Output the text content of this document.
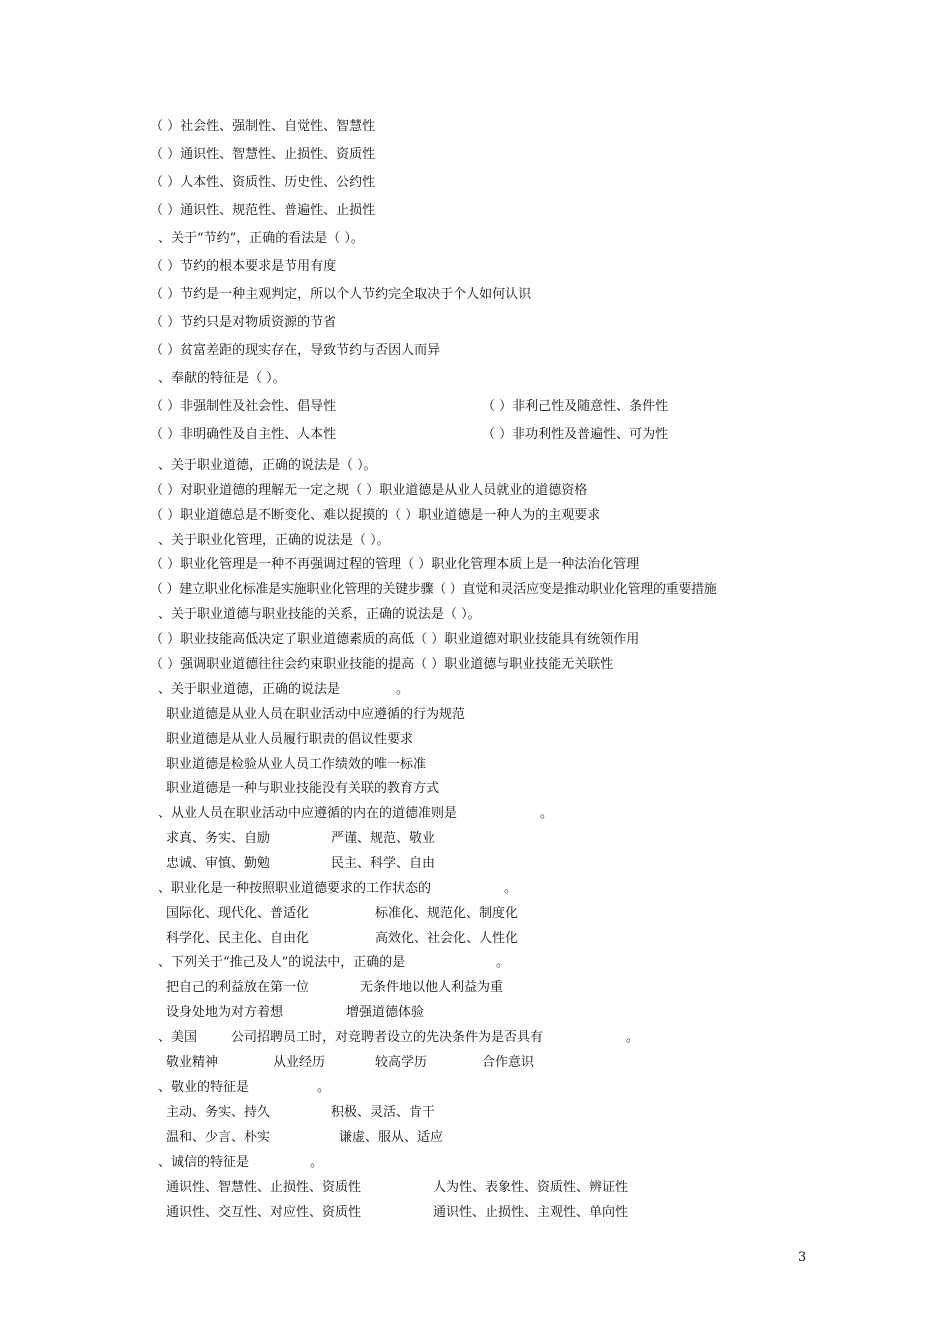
（ ）社会性、强制性、自觉性、智慧性
（ ）通识性、智慧性、止损性、资质性
（ ）人本性、资质性、历史性、公约性
（ ）通识性、规范性、普遍性、止损性
、关于“节约”，正确的看法是（ ）。
（ ）节约的根本要求是节用有度
（ ）节约是一种主观判定，所以个人节约完全取决于个人如何认识
（ ）节约只是对物质资源的节省
（ ）贫富差距的现实存在，导致节约与否因人而异
、奉献的特征是（ ）。
（ ）非强制性及社会性、倡导性	（ ）非利己性及随意性、条件性
（ ）非明确性及自主性、人本性	（ ）非功利性及普遍性、可为性
、关于职业道德，正确的说法是（ ）。
（ ）对职业道德的理解无一定之规（ ）职业道德是从业人员就业的道德资格
（ ）职业道德总是不断变化、难以捉摸的（ ）职业道德是一种人为的主观要求
、关于职业化管理，正确的说法是（ ）。
（ ）职业化管理是一种不再强调过程的管理（ ）职业化管理本质上是一种法治化管理
（ ）建立职业化标准是实施职业化管理的关键步骤（ ）直觉和灵活应变是推动职业化管理的重要措施
、关于职业道德与职业技能的关系，正确的说法是（ ）。
（ ）职业技能高低决定了职业道德素质的高低（ ）职业道德对职业技能具有统领作用
（ ）强调职业道德往往会约束职业技能的提高（ ）职业道德与职业技能无关联性
、关于职业道德，正确的说法是	。
职业道德是从业人员在职业活动中应遵循的行为规范
职业道德是从业人员履行职责的倡议性要求
职业道德是检验从业人员工作绩效的唯一标准
职业道德是一种与职业技能没有关联的教育方式
、从业人员在职业活动中应遵循的内在的道德准则是	。
求真、务实、自励	严谨、规范、敬业
忠诚、审慎、勤勉	民主、科学、自由
、职业化是一种按照职业道德要求的工作状态的	。
国际化、现代化、普适化	标准化、规范化、制度化
科学化、民主化、自由化	高效化、社会化、人性化
、下列关于“推己及人”的说法中，正确的是	。
把自己的利益放在第一位	无条件地以他人利益为重
设身处地为对方着想	增强道德体验
、美国	公司招聘员工时，对竞聘者设立的先决条件为是否具有	。
敬业精神	从业经历	较高学历	合作意识
、敬业的特征是	。
主动、务实、持久	积极、灵活、肯干
温和、少言、朴实	谦虚、服从、适应
、诚信的特征是	。
通识性、智慧性、止损性、资质性	人为性、表象性、资质性、辨证性
通识性、交互性、对应性、资质性	通识性、止损性、主观性、单向性
3
